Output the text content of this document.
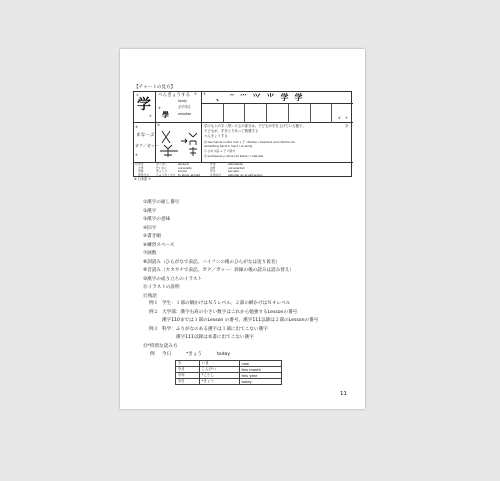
【チャートの見方】
学
①
②
べんきょうする ③
study
공부하다
estudiar
④
學
⑤ 、 ′′ ′′′ ⺍ ⺌ 学 学
⑥ ⑦
まなーぶ
ガク／ガッー
⑧
⑨
⑩	学のもとの字（學）の上の部分は、子どもが手を上げている様子。
子どもが、手をとりあって勉強する
べんきょうする
⑪ two hands on the roof + 子 children / teachers and children do
something hand in hand / to study
두 손과 지붕 + 子 어린이
⑫ profesores y niños (de todos ) / estudiar
⑪
⑫ 学生	がくせい	student	학생	estudiante
大学	だいがく	university	대학	universidad
学校	がっこう	school	학교	escuela
留学する りゅうがくする to study abroad	유학하다	estudiar en el extranjero
※ 日本語 ①
①漢字の通し番号
②漢字
③漢字の意味
④旧字
⑤書き順
⑥練習スペース
⑦画数
⑧訓読み（ひらがなで表記。ハイフンの後のひらがなは送り仮名）
⑨音読み（カタカナで表記。ガク／ガッー：斜線の後の読みは読み替え）
⑩漢字の成り立ちのイラスト
⑪イラストの説明
⑫熟語
例１ 学生：１部の網かけはＮ５レベル、２部の網かけはＮ４レベル
例２ 大学部：漢字右肩の小さい数字はこれから勉強するLessonの番号
漢字110までは１部のLesson の番号、漢字111以降は２部のLessonの番号
例３ 科学：ふりがなのある漢字は１部に出てこない漢字
漢字111以降は本書に出てこない漢字
⑬*特別な読み方
例 今日	*きょう	today
今	いま	now
今月	こんげつ	this month
今年	*ことし	this year
今日	*きょう	today
11
